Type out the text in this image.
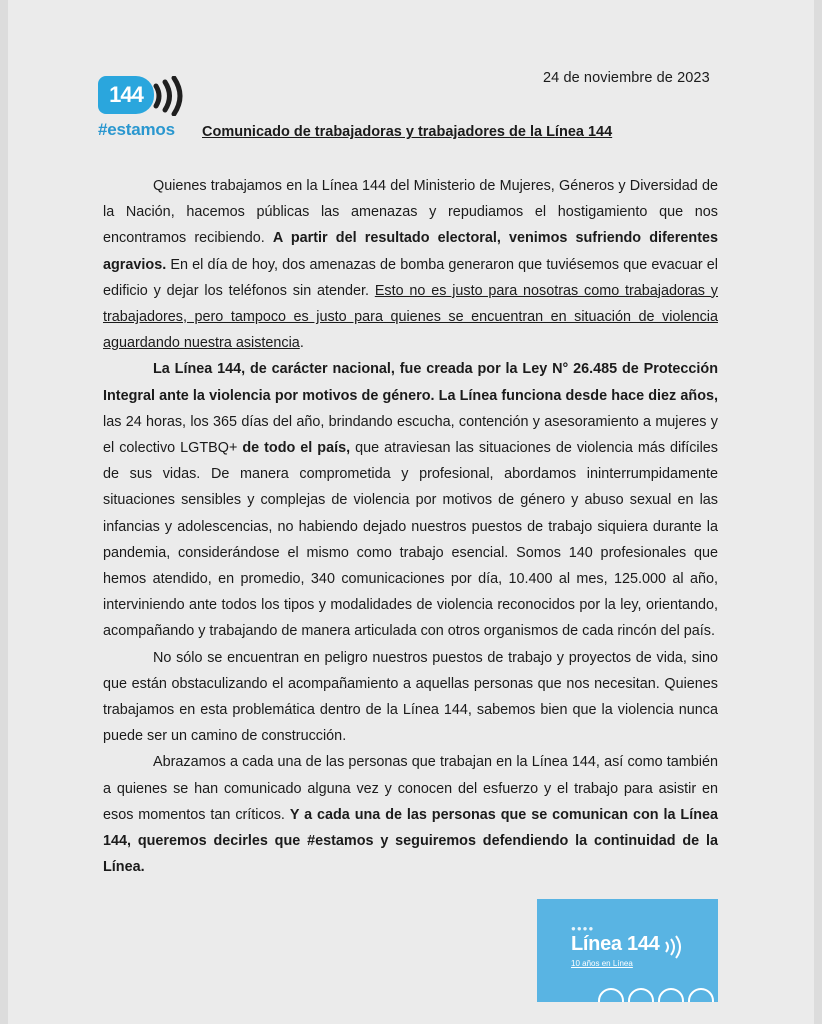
24 de noviembre de 2023
144
#estamos Comunicado de trabajadoras y trabajadores de la Línea 144

Quienes trabajamos en la Línea 144 del Ministerio de Mujeres, Géneros y Diversidad de la Nación, hacemos públicas las amenazas y repudiamos el hostigamiento que nos encontramos recibiendo. A partir del resultado electoral, venimos sufriendo diferentes agravios. En el día de hoy, dos amenazas de bomba generaron que tuviésemos que evacuar el edificio y dejar los teléfonos sin atender. Esto no es justo para nosotras como trabajadoras y trabajadores, pero tampoco es justo para quienes se encuentran en situación de violencia aguardando nuestra asistencia.

La Línea 144, de carácter nacional, fue creada por la Ley N° 26.485 de Protección Integral ante la violencia por motivos de género. La Línea funciona desde hace diez años, las 24 horas, los 365 días del año, brindando escucha, contención y asesoramiento a mujeres y el colectivo LGTBQ+ de todo el país, que atraviesan las situaciones de violencia más difíciles de sus vidas. De manera comprometida y profesional, abordamos ininterrumpidamente situaciones sensibles y complejas de violencia por motivos de género y abuso sexual en las infancias y adolescencias, no habiendo dejado nuestros puestos de trabajo siquiera durante la pandemia, considerándose el mismo como trabajo esencial. Somos 140 profesionales que hemos atendido, en promedio, 340 comunicaciones por día, 10.400 al mes, 125.000 al año, interviniendo ante todos los tipos y modalidades de violencia reconocidos por la ley, orientando, acompañando y trabajando de manera articulada con otros organismos de cada rincón del país.

No sólo se encuentran en peligro nuestros puestos de trabajo y proyectos de vida, sino que están obstaculizando el acompañamiento a aquellas personas que nos necesitan. Quienes trabajamos en esta problemática dentro de la Línea 144, sabemos bien que la violencia nunca puede ser un camino de construcción.

Abrazamos a cada una de las personas que trabajan en la Línea 144, así como también a quienes se han comunicado alguna vez y conocen del esfuerzo y el trabajo para asistir en esos momentos tan críticos. Y a cada una de las personas que se comunican con la Línea 144, queremos decirles que #estamos y seguiremos defendiendo la continuidad de la Línea.

●●●●
Línea 144
10 años en Línea
